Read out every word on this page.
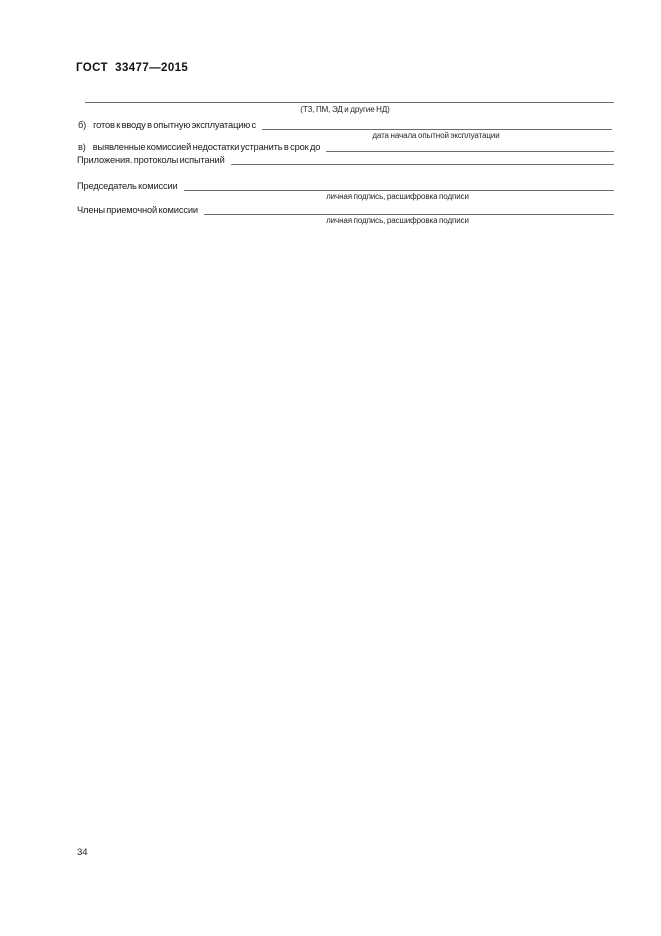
ГОСТ  33477—2015
(ТЗ, ПМ, ЭД и другие НД)
б) готов к вводу в опытную эксплуатацию с
дата начала опытной эксплуатации
в) выявленные комиссией недостатки устранить в срок до
Приложения. протоколы испытаний
Председатель комиссии
личная подпись, расшифровка подписи
Члены приемочной комиссии
личная подпись, расшифровка подписи
34
